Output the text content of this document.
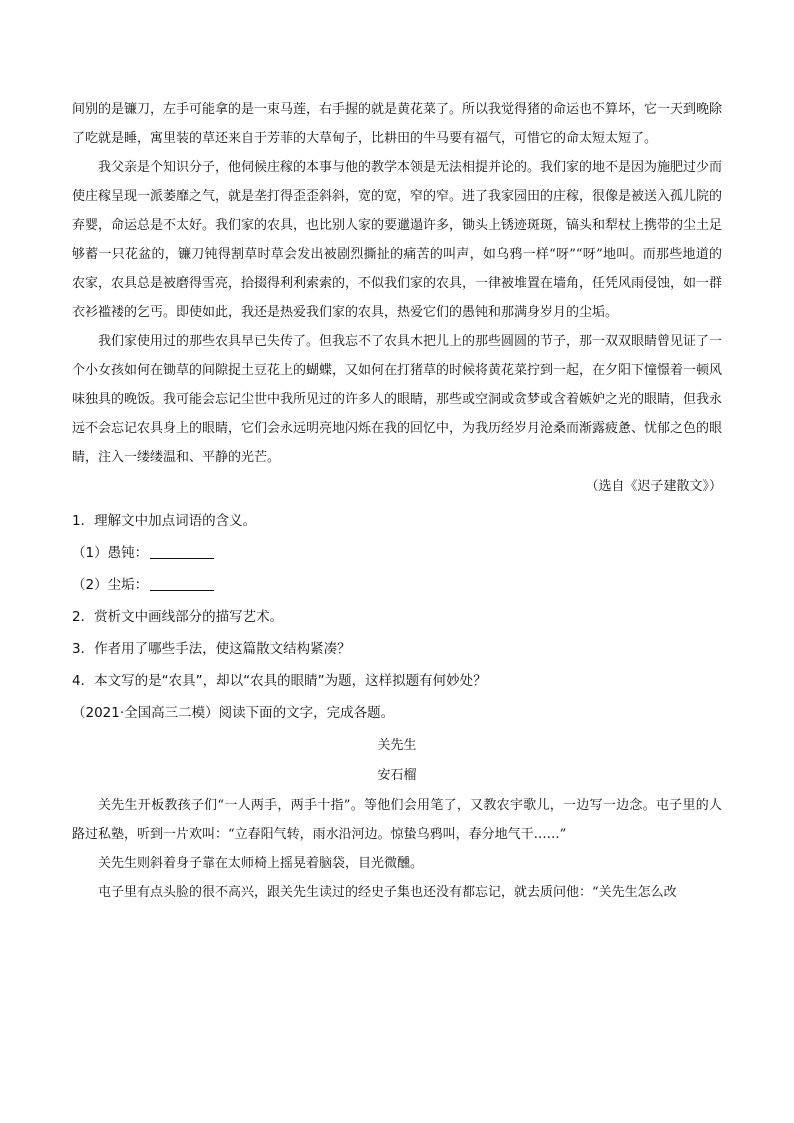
间别的是镰刀，左手可能拿的是一束马莲，右手握的就是黄花菜了。所以我觉得猪的命运也不算坏，它一天到晚除了吃就是睡，寓里装的草还来自于芳菲的大草甸子，比耕田的牛马要有福气，可惜它的命太短太短了。

我父亲是个知识分子，他伺候庄稼的本事与他的教学本领是无法相提并论的。我们家的地不是因为施肥过少而使庄稼呈现一派萎靡之气，就是垄打得歪歪斜斜，宽的宽，窄的窄。进了我家园田的庄稼，很像是被送入孤儿院的弃婴，命运总是不太好。我们家的农具，也比别人家的要邋遢许多，锄头上锈迹斑斑，镐头和犁杖上携带的尘土足够蓄一只花盆的，镰刀钝得割草时草会发出被剧烈撕扯的痛苦的叫声，如乌鸦一样“呀”“呀”地叫。而那些地道的农家，农具总是被磨得雪亮，拾掇得利利索索的，不似我们家的农具，一律被堆置在墙角，任凭风雨侵蚀，如一群衣衫褴褛的乞丐。即使如此，我还是热爱我们家的农具，热爱它们的愚钝和那满身岁月的尘垢。

我们家使用过的那些农具早已失传了。但我忘不了农具木把儿上的那些圆圆的节子，那一双双眼睛曾见证了一个小女孩如何在锄草的间隙捉土豆花上的蝴蝶，又如何在打猪草的时候将黄花菜拧到一起，在夕阳下憧憬着一顿风味独具的晚饭。我可能会忘记尘世中我所见过的许多人的眼睛，那些或空洞或贪梦或含着嫉妒之光的眼睛，但我永远不会忘记农具身上的眼睛，它们会永远明亮地闪烁在我的回忆中，为我历经岁月沧桑而渐露疲惫、忧郁之色的眼睛，注入一缕缕温和、平静的光芒。

（选自《迟子建散文》）

1．理解文中加点词语的含义。

（1）愚钝：

（2）尘垢：

2．赏析文中画线部分的描写艺术。

3．作者用了哪些手法，使这篇散文结构紧凑？

4．本文写的是“农具”，却以“农具的眼睛”为题，这样拟题有何妙处？

（2021·全国高三二模）阅读下面的文字，完成各题。

关先生

安石榴

关先生开板教孩子们“一人两手，两手十指”。等他们会用笔了，又教农宇歌儿，一边写一边念。屯子里的人路过私塾，听到一片欢叫：“立春阳气转，雨水沿河边。惊蛰乌鸦叫，春分地气干……”

关先生则斜着身子靠在太师椅上摇晃着脑袋，目光微醺。

屯子里有点头脸的很不高兴，跟关先生读过的经史子集也还没有都忘记，就去质问他：“关先生怎么改
